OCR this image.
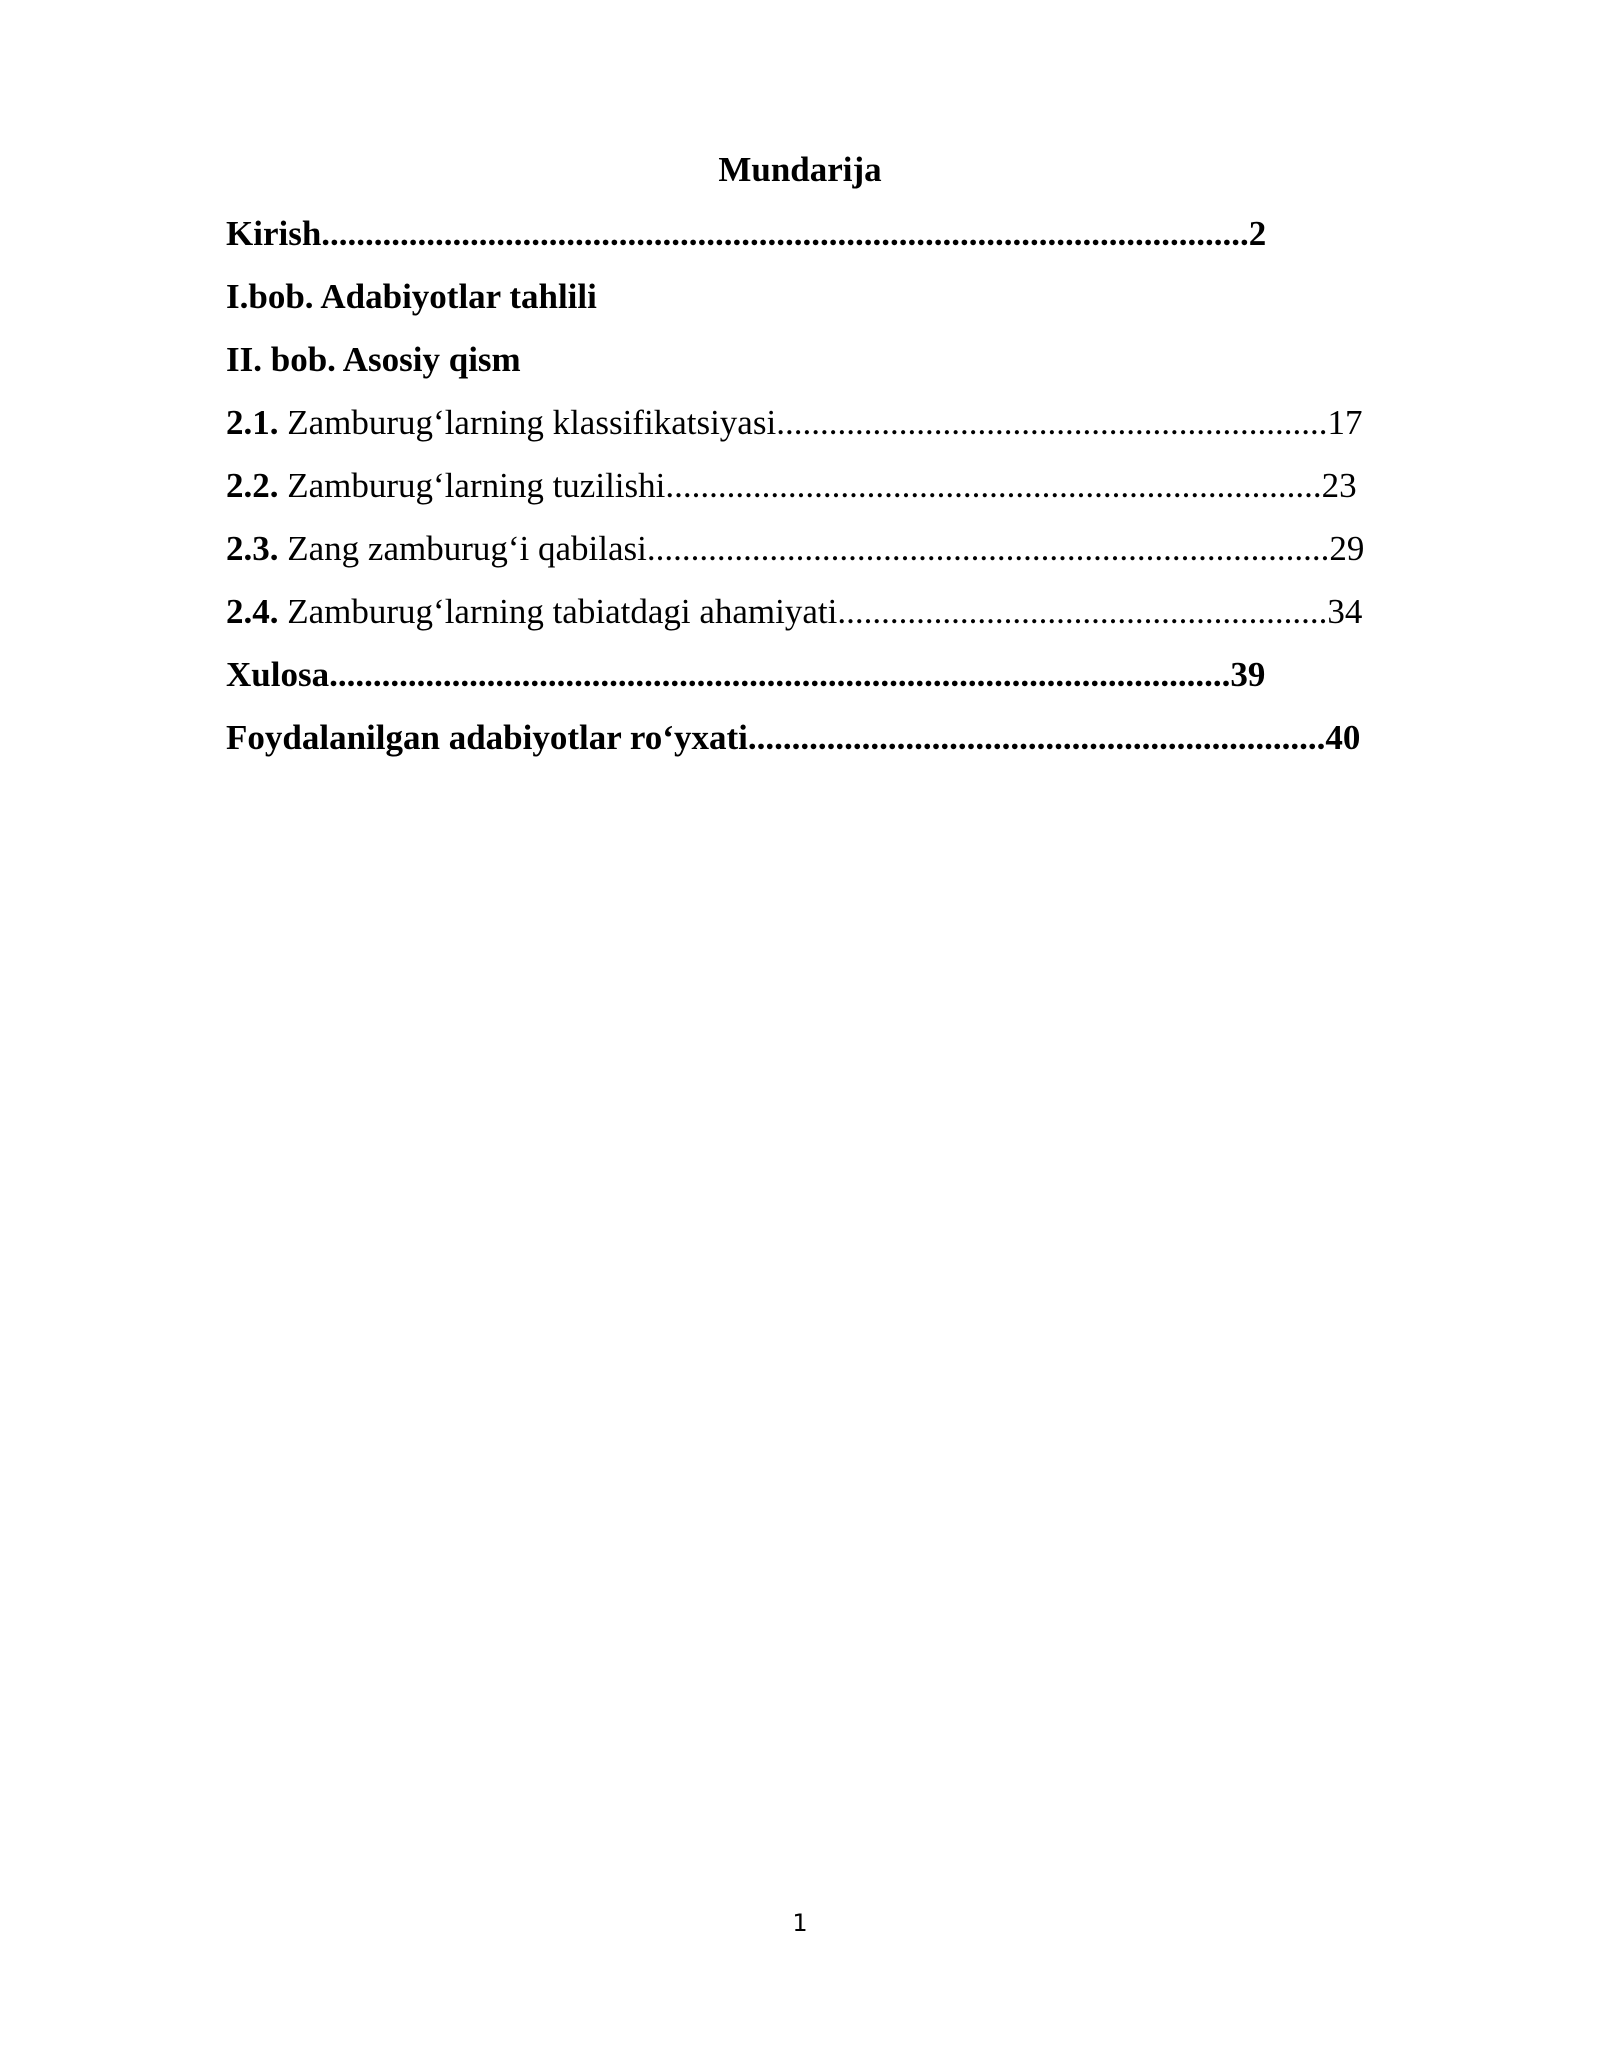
Mundarija
Kirish..........................................................................................................2
I.bob. Adabiyotlar tahlili
II. bob. Asosiy qism
2.1. Zamburug‘larning klassifikatsiyasi...............................................................17
2.2. Zamburug‘larning tuzilishi...........................................................................23
2.3. Zang zamburug‘i qabilasi..............................................................................29
2.4. Zamburug‘larning tabiatdagi ahamiyati........................................................34
Xulosa.......................................................................................................39
Foydalanilgan adabiyotlar ro‘yxati..................................................................40
1
